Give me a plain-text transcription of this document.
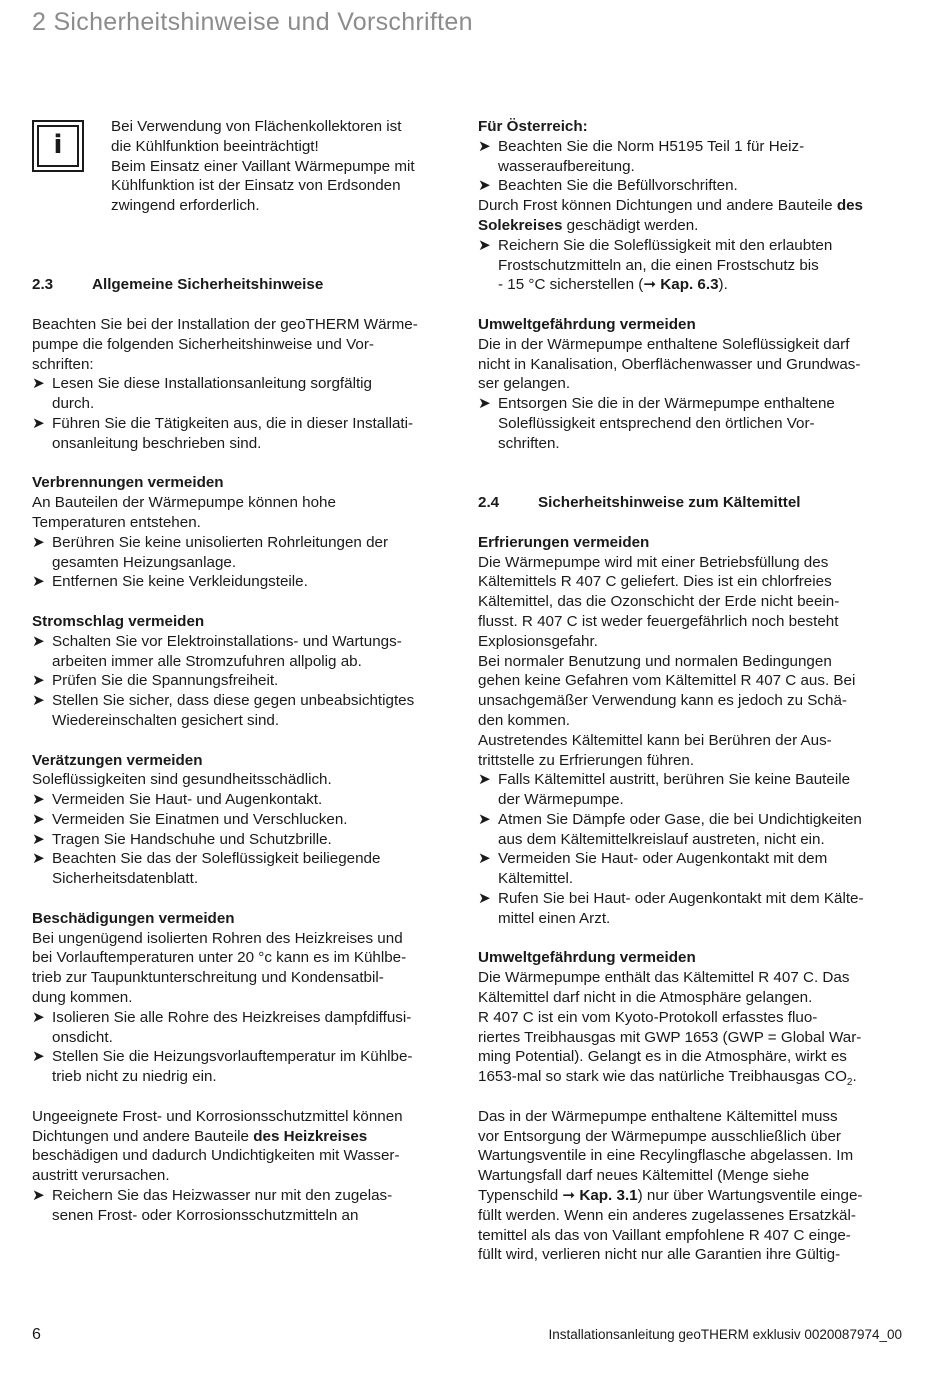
2 Sicherheitshinweise und Vorschriften
i

Bei Verwendung von Flächenkollektoren ist

die Kühlfunktion beeinträchtigt!

Beim Einsatz einer Vaillant Wärmepumpe mit

Kühlfunktion ist der Einsatz von Erdsonden

zwingend erforderlich.

2.3	Allgemeine Sicherheitshinweise

Beachten Sie bei der Installation der geoTHERM Wärme-

pumpe die folgenden Sicherheitshinweise und Vor-

schriften:

➤ Lesen Sie diese Installationsanleitung sorgfältig

durch.

➤ Führen Sie die Tätigkeiten aus, die in dieser Installati-

onsanleitung beschrieben sind.

Verbrennungen vermeiden

An Bauteilen der Wärmepumpe können hohe

Temperaturen entstehen.

➤ Berühren Sie keine unisolierten Rohrleitungen der

gesamten Heizungsanlage.

➤ Entfernen Sie keine Verkleidungsteile.

Stromschlag vermeiden

➤ Schalten Sie vor Elektroinstallations- und Wartungs-

arbeiten immer alle Stromzufuhren allpolig ab.

➤ Prüfen Sie die Spannungsfreiheit.

➤ Stellen Sie sicher, dass diese gegen unbeabsichtigtes

Wiedereinschalten gesichert sind.

Verätzungen vermeiden

Soleflüssigkeiten sind gesundheitsschädlich.

➤ Vermeiden Sie Haut- und Augenkontakt.

➤ Vermeiden Sie Einatmen und Verschlucken.

➤ Tragen Sie Handschuhe und Schutzbrille.

➤ Beachten Sie das der Soleflüssigkeit beiliegende

Sicherheitsdatenblatt.

Beschädigungen vermeiden

Bei ungenügend isolierten Rohren des Heizkreises und

bei Vorlauftemperaturen unter 20 °c kann es im Kühlbe-

trieb zur Taupunktunterschreitung und Kondensatbil-

dung kommen.

➤ Isolieren Sie alle Rohre des Heizkreises dampfdiffusi-

onsdicht.

➤ Stellen Sie die Heizungsvorlauftemperatur im Kühlbe-

trieb nicht zu niedrig ein.

Ungeeignete Frost- und Korrosionsschutzmittel können

Dichtungen und andere Bauteile des Heizkreises

beschädigen und dadurch Undichtigkeiten mit Wasser-

austritt verursachen.

➤ Reichern Sie das Heizwasser nur mit den zugelas-

senen Frost- oder Korrosionsschutzmitteln an

Für Österreich:

➤ Beachten Sie die Norm H5195 Teil 1 für Heiz-

wasseraufbereitung.

➤ Beachten Sie die Befüllvorschriften.

Durch Frost können Dichtungen und andere Bauteile des

Solekreises geschädigt werden.

➤ Reichern Sie die Soleflüssigkeit mit den erlaubten

Frostschutzmitteln an, die einen Frostschutz bis

- 15 °C sicherstellen (➞ Kap. 6.3).

Umweltgefährdung vermeiden

Die in der Wärmepumpe enthaltene Soleflüssigkeit darf

nicht in Kanalisation, Oberflächenwasser und Grundwas-

ser gelangen.

➤ Entsorgen Sie die in der Wärmepumpe enthaltene

Soleflüssigkeit entsprechend den örtlichen Vor-

schriften.

2.4	Sicherheitshinweise zum Kältemittel

Erfrierungen vermeiden

Die Wärmepumpe wird mit einer Betriebsfüllung des

Kältemittels R 407 C geliefert. Dies ist ein chlorfreies

Kältemittel, das die Ozonschicht der Erde nicht beein-

flusst. R 407 C ist weder feuergefährlich noch besteht

Explosionsgefahr.

Bei normaler Benutzung und normalen Bedingungen

gehen keine Gefahren vom Kältemittel R 407 C aus. Bei

unsachgemäßer Verwendung kann es jedoch zu Schä-

den kommen.

Austretendes Kältemittel kann bei Berühren der Aus-

trittstelle zu Erfrierungen führen.

➤ Falls Kältemittel austritt, berühren Sie keine Bauteile

der Wärmepumpe.

➤ Atmen Sie Dämpfe oder Gase, die bei Undichtigkeiten

aus dem Kältemittelkreislauf austreten, nicht ein.

➤ Vermeiden Sie Haut- oder Augenkontakt mit dem

Kältemittel.

➤ Rufen Sie bei Haut- oder Augenkontakt mit dem Kälte-

mittel einen Arzt.

Umweltgefährdung vermeiden

Die Wärmepumpe enthält das Kältemittel R 407 C. Das

Kältemittel darf nicht in die Atmosphäre gelangen.

R 407 C ist ein vom Kyoto-Protokoll erfasstes fluo-

riertes Treibhausgas mit GWP 1653 (GWP = Global War-

ming Potential). Gelangt es in die Atmosphäre, wirkt es

1653-mal so stark wie das natürliche Treibhausgas $CO_2$.

Das in der Wärmepumpe enthaltene Kältemittel muss

vor Entsorgung der Wärmepumpe ausschließlich über

Wartungsventile in eine Recylingflasche abgelassen. Im

Wartungsfall darf neues Kältemittel (Menge siehe

Typenschild ➞ Kap. 3.1) nur über Wartungsventile einge-

füllt werden. Wenn ein anderes zugelassenes Ersatzkäl-

temittel als das von Vaillant empfohlene R 407 C einge-

füllt wird, verlieren nicht nur alle Garantien ihre Gültig-

6	Installationsanleitung geoTHERM exklusiv 0020087974_00
